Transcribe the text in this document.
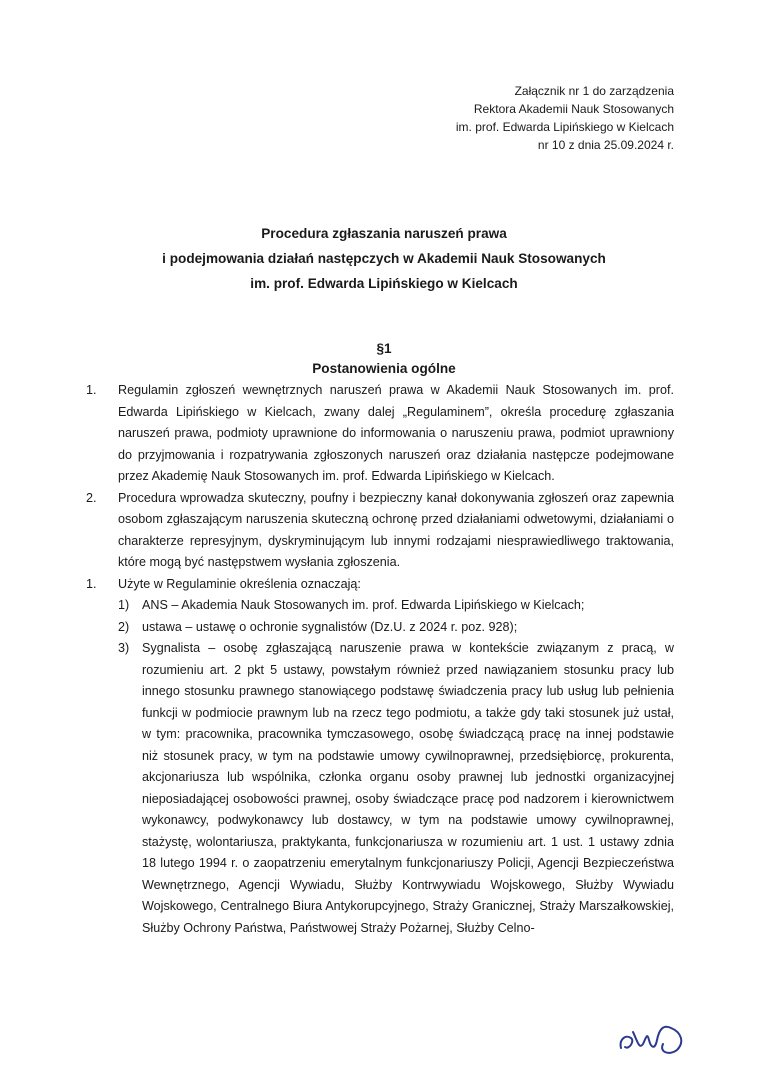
Załącznik nr 1 do zarządzenia
Rektora Akademii Nauk Stosowanych
im. prof. Edwarda Lipińskiego w Kielcach
nr 10 z dnia 25.09.2024 r.
Procedura zgłaszania naruszeń prawa
i podejmowania działań następczych w Akademii Nauk Stosowanych
im. prof. Edwarda Lipińskiego w Kielcach
§1
Postanowienia ogólne
1. Regulamin zgłoszeń wewnętrznych naruszeń prawa w Akademii Nauk Stosowanych im. prof. Edwarda Lipińskiego w Kielcach, zwany dalej „Regulaminem”, określa procedurę zgłaszania naruszeń prawa, podmioty uprawnione do informowania o naruszeniu prawa, podmiot uprawniony do przyjmowania i rozpatrywania zgłoszonych naruszeń oraz działania następcze podejmowane przez Akademię Nauk Stosowanych im. prof. Edwarda Lipińskiego w Kielcach.
2. Procedura wprowadza skuteczny, poufny i bezpieczny kanał dokonywania zgłoszeń oraz zapewnia osobom zgłaszającym naruszenia skuteczną ochronę przed działaniami odwetowymi, działaniami o charakterze represyjnym, dyskryminującym lub innymi rodzajami niesprawiedliwego traktowania, które mogą być następstwem wysłania zgłoszenia.
1. Użyte w Regulaminie określenia oznaczają:
1) ANS – Akademia Nauk Stosowanych im. prof. Edwarda Lipińskiego w Kielcach;
2) ustawa – ustawę o ochronie sygnalistów (Dz.U. z 2024 r. poz. 928);
3) Sygnalista – osobę zgłaszającą naruszenie prawa w kontekście związanym z pracą, w rozumieniu art. 2 pkt 5 ustawy, powstałym również przed nawiązaniem stosunku pracy lub innego stosunku prawnego stanowiącego podstawę świadczenia pracy lub usług lub pełnienia funkcji w podmiocie prawnym lub na rzecz tego podmiotu, a także gdy taki stosunek już ustał, w tym: pracownika, pracownika tymczasowego, osobę świadczącą pracę na innej podstawie niż stosunek pracy, w tym na podstawie umowy cywilnoprawnej, przedsiębiorcę, prokurenta, akcjonariusza lub wspólnika, członka organu osoby prawnej lub jednostki organizacyjnej nieposiadającej osobowości prawnej, osoby świadczące pracę pod nadzorem i kierownictwem wykonawcy, podwykonawcy lub dostawcy, w tym na podstawie umowy cywilnoprawnej, stażystę, wolontariusza, praktykanta, funkcjonariusza w rozumieniu art. 1 ust. 1 ustawy zdnia 18 lutego 1994 r. o zaopatrzeniu emerytalnym funkcjonariuszy Policji, Agencji Bezpieczeństwa Wewnętrznego, Agencji Wywiadu, Służby Kontrwywiadu Wojskowego, Służby Wywiadu Wojskowego, Centralnego Biura Antykorupcyjnego, Straży Granicznej, Straży Marszałkowskiej, Służby Ochrony Państwa, Państwowej Straży Pożarnej, Służby Celno-
